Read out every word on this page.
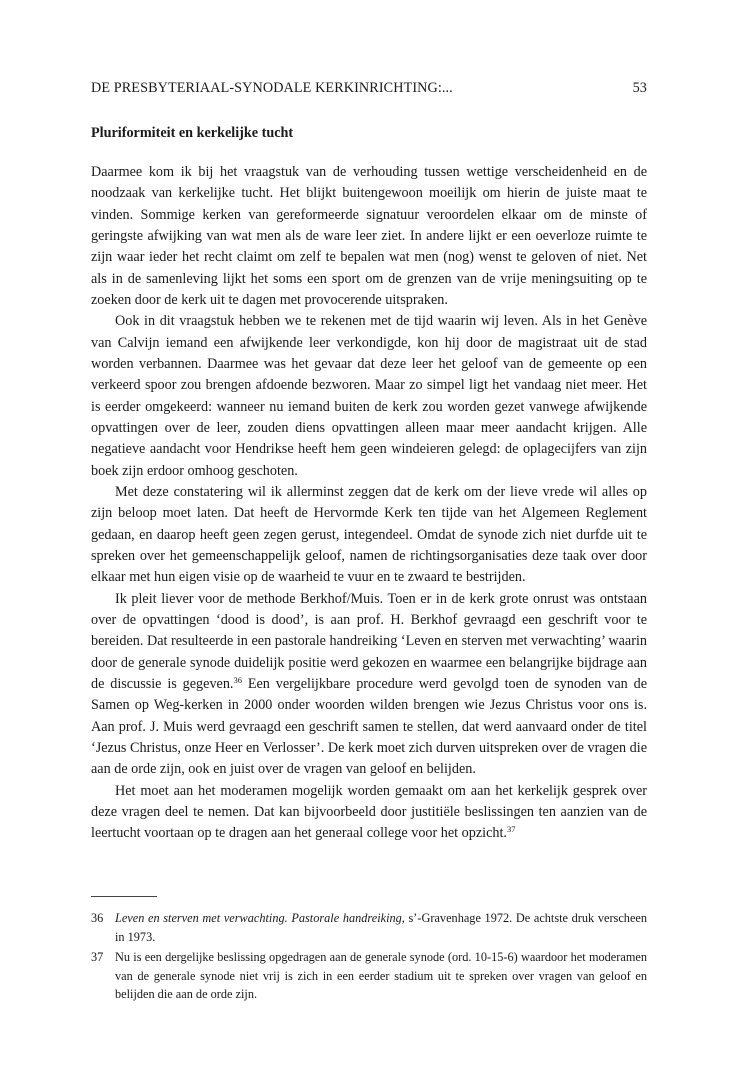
DE PRESBYTERIAAL-SYNODALE KERKINRICHTING:...	53
Pluriformiteit en kerkelijke tucht

Daarmee kom ik bij het vraagstuk van de verhouding tussen wettige verscheidenheid en de noodzaak van kerkelijke tucht. Het blijkt buitengewoon moeilijk om hierin de juiste maat te vinden. Sommige kerken van gereformeerde signatuur veroordelen elkaar om de minste of geringste afwijking van wat men als de ware leer ziet. In andere lijkt er een oeverloze ruimte te zijn waar ieder het recht claimt om zelf te bepalen wat men (nog) wenst te geloven of niet. Net als in de samenleving lijkt het soms een sport om de grenzen van de vrije meningsuiting op te zoeken door de kerk uit te dagen met provocerende uitspraken.

Ook in dit vraagstuk hebben we te rekenen met de tijd waarin wij leven. Als in het Genève van Calvijn iemand een afwijkende leer verkondigde, kon hij door de magistraat uit de stad worden verbannen. Daarmee was het gevaar dat deze leer het geloof van de gemeente op een verkeerd spoor zou brengen afdoende bezworen. Maar zo simpel ligt het vandaag niet meer. Het is eerder omgekeerd: wanneer nu iemand buiten de kerk zou worden gezet vanwege afwijkende opvattingen over de leer, zouden diens opvattingen alleen maar meer aandacht krijgen. Alle negatieve aandacht voor Hendrikse heeft hem geen windeieren gelegd: de oplagecijfers van zijn boek zijn erdoor omhoog geschoten.

Met deze constatering wil ik allerminst zeggen dat de kerk om der lieve vrede wil alles op zijn beloop moet laten. Dat heeft de Hervormde Kerk ten tijde van het Algemeen Reglement gedaan, en daarop heeft geen zegen gerust, integendeel. Omdat de synode zich niet durfde uit te spreken over het gemeenschappelijk geloof, namen de richtingsorganisaties deze taak over door elkaar met hun eigen visie op de waarheid te vuur en te zwaard te bestrijden.

Ik pleit liever voor de methode Berkhof/Muis. Toen er in de kerk grote onrust was ontstaan over de opvattingen ‘dood is dood’, is aan prof. H. Berkhof gevraagd een geschrift voor te bereiden. Dat resulteerde in een pastorale handreiking ‘Leven en sterven met verwachting’ waarin door de generale synode duidelijk positie werd gekozen en waarmee een belangrijke bijdrage aan de discussie is gegeven.$^{36}$ Een vergelijkbare procedure werd gevolgd toen de synoden van de Samen op Weg-kerken in 2000 onder woorden wilden brengen wie Jezus Christus voor ons is. Aan prof. J. Muis werd gevraagd een geschrift samen te stellen, dat werd aanvaard onder de titel ‘Jezus Christus, onze Heer en Verlosser’. De kerk moet zich durven uitspreken over de vragen die aan de orde zijn, ook en juist over de vragen van geloof en belijden.

Het moet aan het moderamen mogelijk worden gemaakt om aan het kerkelijk gesprek over deze vragen deel te nemen. Dat kan bijvoorbeeld door justitiële beslissingen ten aanzien van de leertucht voortaan op te dragen aan het generaal college voor het opzicht.$^{37}$

36 Leven en sterven met verwachting. Pastorale handreiking, s’-Gravenhage 1972. De achtste druk verscheen in 1973.
37 Nu is een dergelijke beslissing opgedragen aan de generale synode (ord. 10-15-6) waardoor het moderamen van de generale synode niet vrij is zich in een eerder stadium uit te spreken over vragen van geloof en belijden die aan de orde zijn.
